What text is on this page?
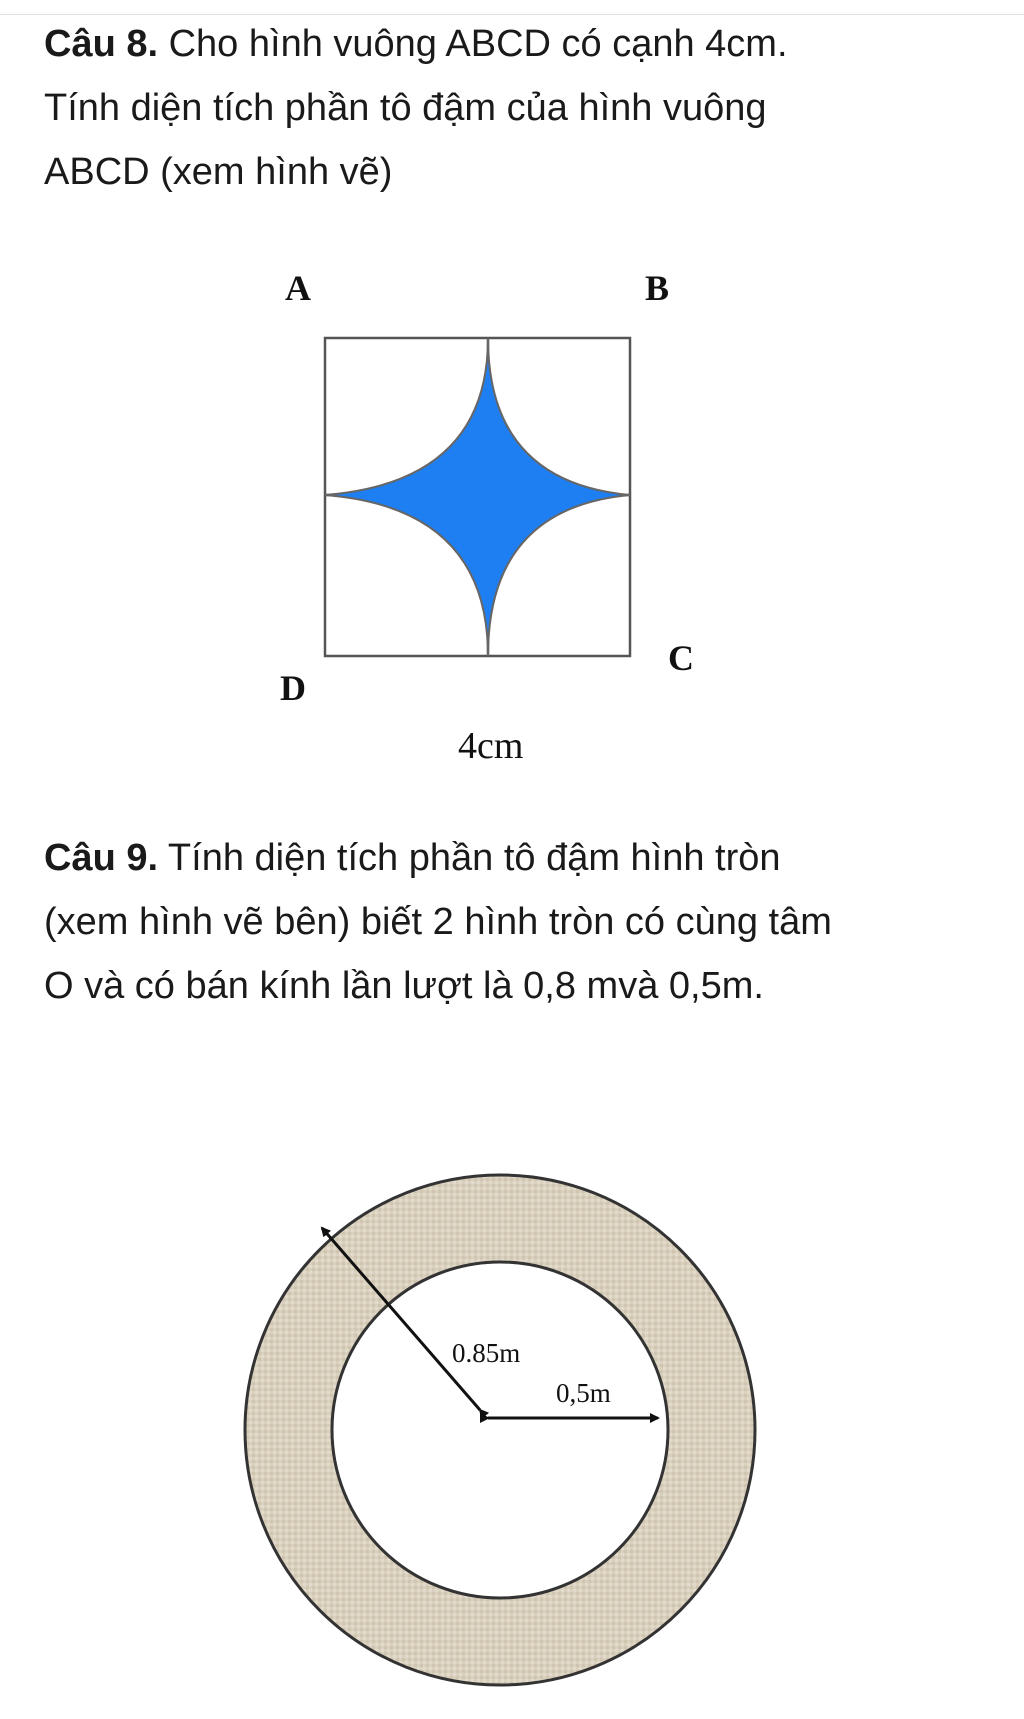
Câu 8. Cho hình vuông ABCD có cạnh 4cm.
Tính diện tích phần tô đậm của hình vuông
ABCD (xem hình vẽ)

A	B
C
D
4cm

Câu 9. Tính diện tích phần tô đậm hình tròn
(xem hình vẽ bên) biết 2 hình tròn có cùng tâm
O và có bán kính lần lượt là 0,8 mvà 0,5m.

0.85m
0,5m
